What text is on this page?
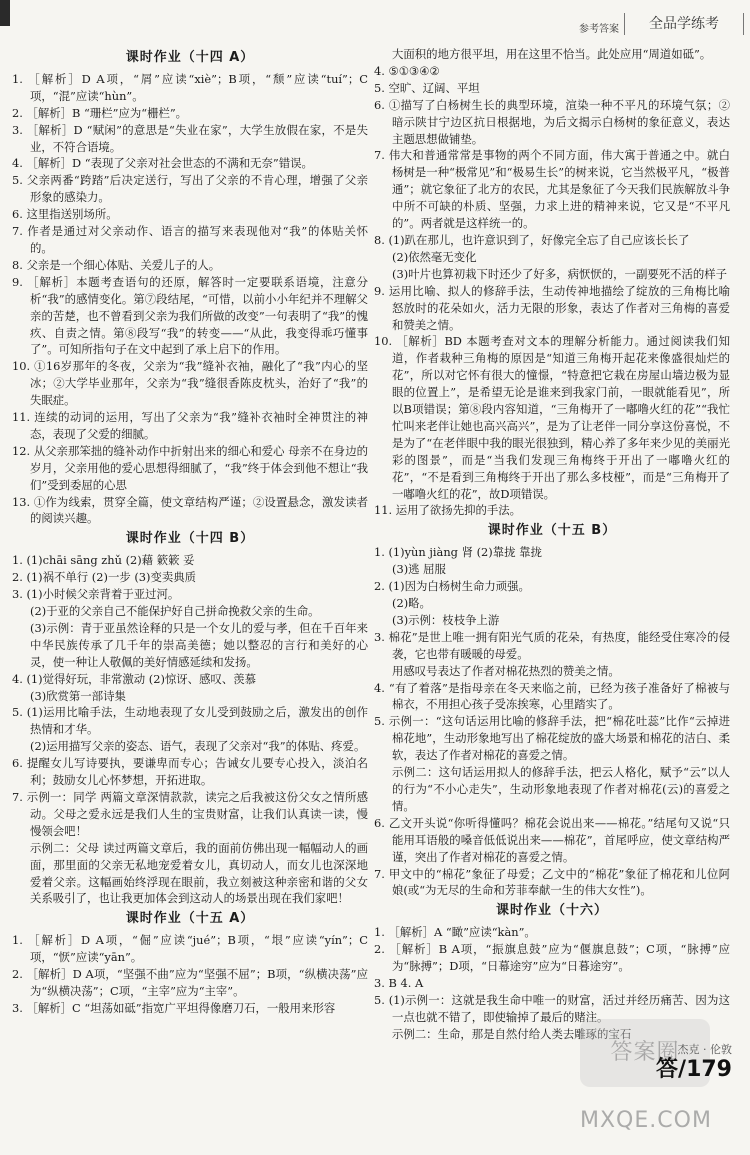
参考答案	全品学练考
课时作业（十四 A）

1. ［解析］D A项，“屑”应读“xiè”；B项，“颓”应读“tuí”；C项，“混”应读“hùn”。

2. ［解析］B “珊栏”应为“栅栏”。

3. ［解析］D “赋闲”的意思是“失业在家”，大学生放假在家，不是失业，不符合语境。

4. ［解析］D “表现了父亲对社会世态的不满和无奈”错误。

5. 父亲两番“跨踏”后决定送行，写出了父亲的不肯心理，增强了父亲形象的感染力。

6. 这里指送别场所。

7. 作者是通过对父亲动作、语言的描写来表现他对“我”的体贴关怀的。

8. 父亲是一个细心体贴、关爱儿子的人。

9. ［解析］本题考查语句的还原，解答时一定要联系语境，注意分析“我”的感情变化。第⑦段结尾，“可惜，以前小小年纪并不理解父亲的苦楚，也不曾看到父亲为我们所做的改变”一句表明了“我”的愧疚、自责之情。第⑧段写“我”的转变——“从此，我变得乖巧懂事了”。可知所指句子在文中起到了承上启下的作用。

10. ①16岁那年的冬夜，父亲为“我”缝补衣袖，融化了“我”内心的坚冰；②大学毕业那年，父亲为“我”缝很香陈皮枕头，治好了“我”的失眠症。

11. 连续的动词的运用，写出了父亲为“我”缝补衣袖时全神贯注的神态，表现了父爱的细腻。

12. 从父亲那笨拙的缝补动作中折射出来的细心和爱心 母亲不在身边的岁月，父亲用他的爱心思想得细腻了，“我”终于体会到他不想让“我们”受到委屈的心思

13. ①作为线索，贯穿全篇，使文章结构严谨；②设置悬念，激发读者的阅读兴趣。

课时作业（十四 B）

1. (1)chāi sāng zhǔ (2)藉 簌簌 妥

2. (1)祸不单行 (2)一步 (3)变卖典质

3. (1)小时候父亲背着于亚过河。

(2)于亚的父亲自己不能保护好自己拼命挽救父亲的生命。

(3)示例：青于亚虽然诠释的只是一个女儿的爱与孝，但在千百年来中华民族传承了几千年的崇高美德；她以整忍的言行和美好的心灵，使一种让人敬佩的美好情感延续和发扬。

4. (1)觉得好玩，非常激动 (2)惊讶、感叹、羡慕

(3)欣赏第一部诗集

5. (1)运用比喻手法，生动地表现了女儿受到鼓励之后，激发出的创作热情和才华。

(2)运用描写父亲的姿态、语气，表现了父亲对“我”的体贴、疼爱。

6. 提醒女儿写诗要执，要谦卑而专心；告诫女儿要专心投入，淡泊名利；鼓励女儿心怀梦想，开拓进取。

7. 示例一：同学 两篇文章深情款款，读完之后我被这份父女之情所感动。父母之爱永远是我们人生的宝贵财富，让我们认真读一读，慢慢领会吧！

示例二：父母 读过两篇文章后，我的面前仿佛出现一幅幅动人的画面，那里面的父亲无私地宠爱着女儿，真切动人，而女儿也深深地爱着父亲。这幅画始终浮现在眼前，我立刻被这种亲密和谐的父女关系吸引了，也让我更加体会到这动人的场景出现在我们家吧！

课时作业（十五 A）

1. ［解析］D A项，“倔”应读“jué”；B项，“垠”应读“yín”；C项，“恹”应读“yān”。

2. ［解析］D A项，“坚强不曲”应为“坚强不屈”；B项，“纵横决荡”应为“纵横决荡”；C项，“主宰”应为“主宰”。

3. ［解析］C “坦荡如砥”指宽广平坦得像磨刀石，一般用来形容

大面积的地方很平坦，用在这里不恰当。此处应用“周道如砥”。

4. ⑤①③④②

5. 空旷、辽阔、平坦

6. ①描写了白杨树生长的典型环境，渲染一种不平凡的环境气氛；②暗示陕甘宁边区抗日根据地，为后文揭示白杨树的象征意义，表达主题思想做铺垫。

7. 伟大和普通常常是事物的两个不同方面，伟大寓于普通之中。就白杨树是一种“极常见”和“极易生长”的树来说，它当然极平凡，“极普通”；就它象征了北方的农民，尤其是象征了今天我们民族解放斗争中所不可缺的朴质、坚强，力求上进的精神来说，它又是“不平凡的”。两者就是这样统一的。

8. (1)趴在那儿，也许意识到了，好像完全忘了自己应该长长了

(2)依然毫无变化

(3)叶片也算初栽下时还少了好多，病恹恹的，一副要死不活的样子

9. 运用比喻、拟人的修辞手法，生动传神地描绘了绽放的三角梅比喻怒放时的花朵如火，活力无限的形象，表达了作者对三角梅的喜爱和赞美之情。

10. ［解析］BD 本题考查对文本的理解分析能力。通过阅读我们知道，作者栽种三角梅的原因是“知道三角梅开起花来像盛很灿烂的花”，所以对它怀有很大的憧憬，“特意把它栽在房屋山墙边极为显眼的位置上”，是希望无论是谁来到我家门前，一眼就能看见”，所以B项错误；第⑧段内容知道，“三角梅开了一嘟噜火红的花”“我忙忙叫来老伴让她也高兴高兴”，是为了让老伴一同分享这份喜悦，不是为了“在老伴眼中我的眼光很独到，精心养了多年来少见的美丽光彩的图景”，而是“当我们发现三角梅终于开出了一嘟噜火红的花”，“不是看到三角梅终于开出了那么多枝桠”，而是“三角梅开了一嘟噜火红的花”，故D项错误。

11. 运用了欲扬先抑的手法。

课时作业（十五 B）

1. (1)yùn jiàng 肾 (2)靠拢 靠拢

(3)逃 屈服

2. (1)因为白杨树生命力顽强。

(2)略。

(3)示例：枝枝争上游

3. 棉花”是世上唯一拥有阳光气质的花朵，有热度，能经受住寒冷的侵袭，它也带有暖暖的母爱。

用感叹号表达了作者对棉花热烈的赞美之情。

4. “有了着落”是指母亲在冬天来临之前，已经为孩子准备好了棉被与棉衣，不用担心孩子受冻挨寒，心里踏实了。

5. 示例一：“这句话运用比喻的修辞手法，把“棉花吐蕊”比作“云掉进棉花地”，生动形象地写出了棉花绽放的盛大场景和棉花的洁白、柔软，表达了作者对棉花的喜爱之情。

示例二：这句话运用拟人的修辞手法，把云人格化，赋予“云”以人的行为“不小心走失”，生动形象地表现了作者对棉花(云)的喜爱之情。

6. 乙文开头说“你听得懂吗？棉花会说出来——棉花。”结尾句又说“只能用耳语般的嗓音低低说出来——棉花”，首尾呼应，使文章结构严谨，突出了作者对棉花的喜爱之情。

7. 甲文中的“棉花”象征了母爱；乙文中的“棉花”象征了棉花和儿位阿娘(或“为无尽的生命和芳菲奉献一生的伟大女性”)。

课时作业（十六）

1. ［解析］A “瞰”应读“kàn”。

2. ［解析］B A项，“振旗息鼓”应为“偃旗息鼓”；C项，“脉搏”应为“脉搏”；D项，“日幕途穷”应为“日暮途穷”。

3. B 4. A

5. (1)示例一：这就是我生命中唯一的财富，活过并经历痛苦、因为这一点也就不错了，即使输掉了最后的赌注。

示例二：生命，那是自然付给人类去雕琢的宝石

答案圈 MXQE.COM
杰克 · 伦敦
答/179
